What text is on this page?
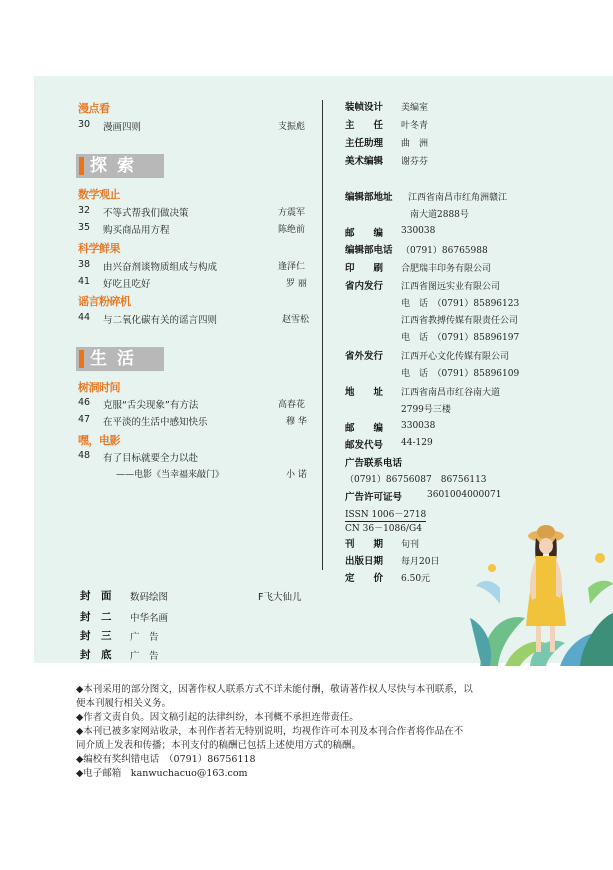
漫点看
30 漫画四则	支振彪
探索
数学观止
32 不等式帮我们做决策	方震军
35 购买商品用方程	陈绝前
科学鲜果
38 由兴奋剂谈物质组成与构成	逢泽仁
41 好吃且吃好	罗 丽
谣言粉碎机
44 与二氧化碳有关的谣言四则	赵雪松
生活
树洞时间
46 克服“舌尖现象”有方法	高春花
47 在平淡的生活中感知快乐	穆 华
嘿，电影
48 有了目标就要全力以赴
——电影《当幸福来敲门》	小 诺
封　面 数码绘图	F飞大仙儿
封　二 中华名画
封　三 广　告
封　底 广　告
装帧设计 美编室
主　　任 叶冬青
主任助理 曲　洲
美术编辑 谢芬芬
编辑部地址 江西省南昌市红角洲赣江
南大道2888号
邮　　编 330038
编辑部电话 （0791）86765988
印　　刷 合肥瑞丰印务有限公司
省内发行 江西省图远实业有限公司
电　话　（0791）85896123
江西省教搏传媒有限责任公司
电　话　（0791）85896197
省外发行 江西开心文化传媒有限公司
电　话　（0791）85896109
地　　址 江西省南昌市红谷南大道
2799号三楼
邮　　编 330038
邮发代号 44-129
广告联系电话
（0791）86756087　86756113
广告许可证号	3601004000071
ISSN 1006－2718
CN 36－1086/G4
刊　　期 旬刊
出版日期 每月20日
定　　价 6.50元
◆本刊采用的部分图文，因著作权人联系方式不详未能付酬，敬请著作权人尽快与本刊联系，以
便本刊履行相关义务。
◆作者文责自负。因文稿引起的法律纠纷，本刊概不承担连带责任。
◆本刊已被多家网站收录，本刊作者若无特别说明，均视作许可本刊及本刊合作者将作品在不
同介质上发表和传播；本刊支付的稿酬已包括上述使用方式的稿酬。
◆编校有奖纠错电话　（0791）86756118
◆电子邮箱　kanwuchacuo@163.com
